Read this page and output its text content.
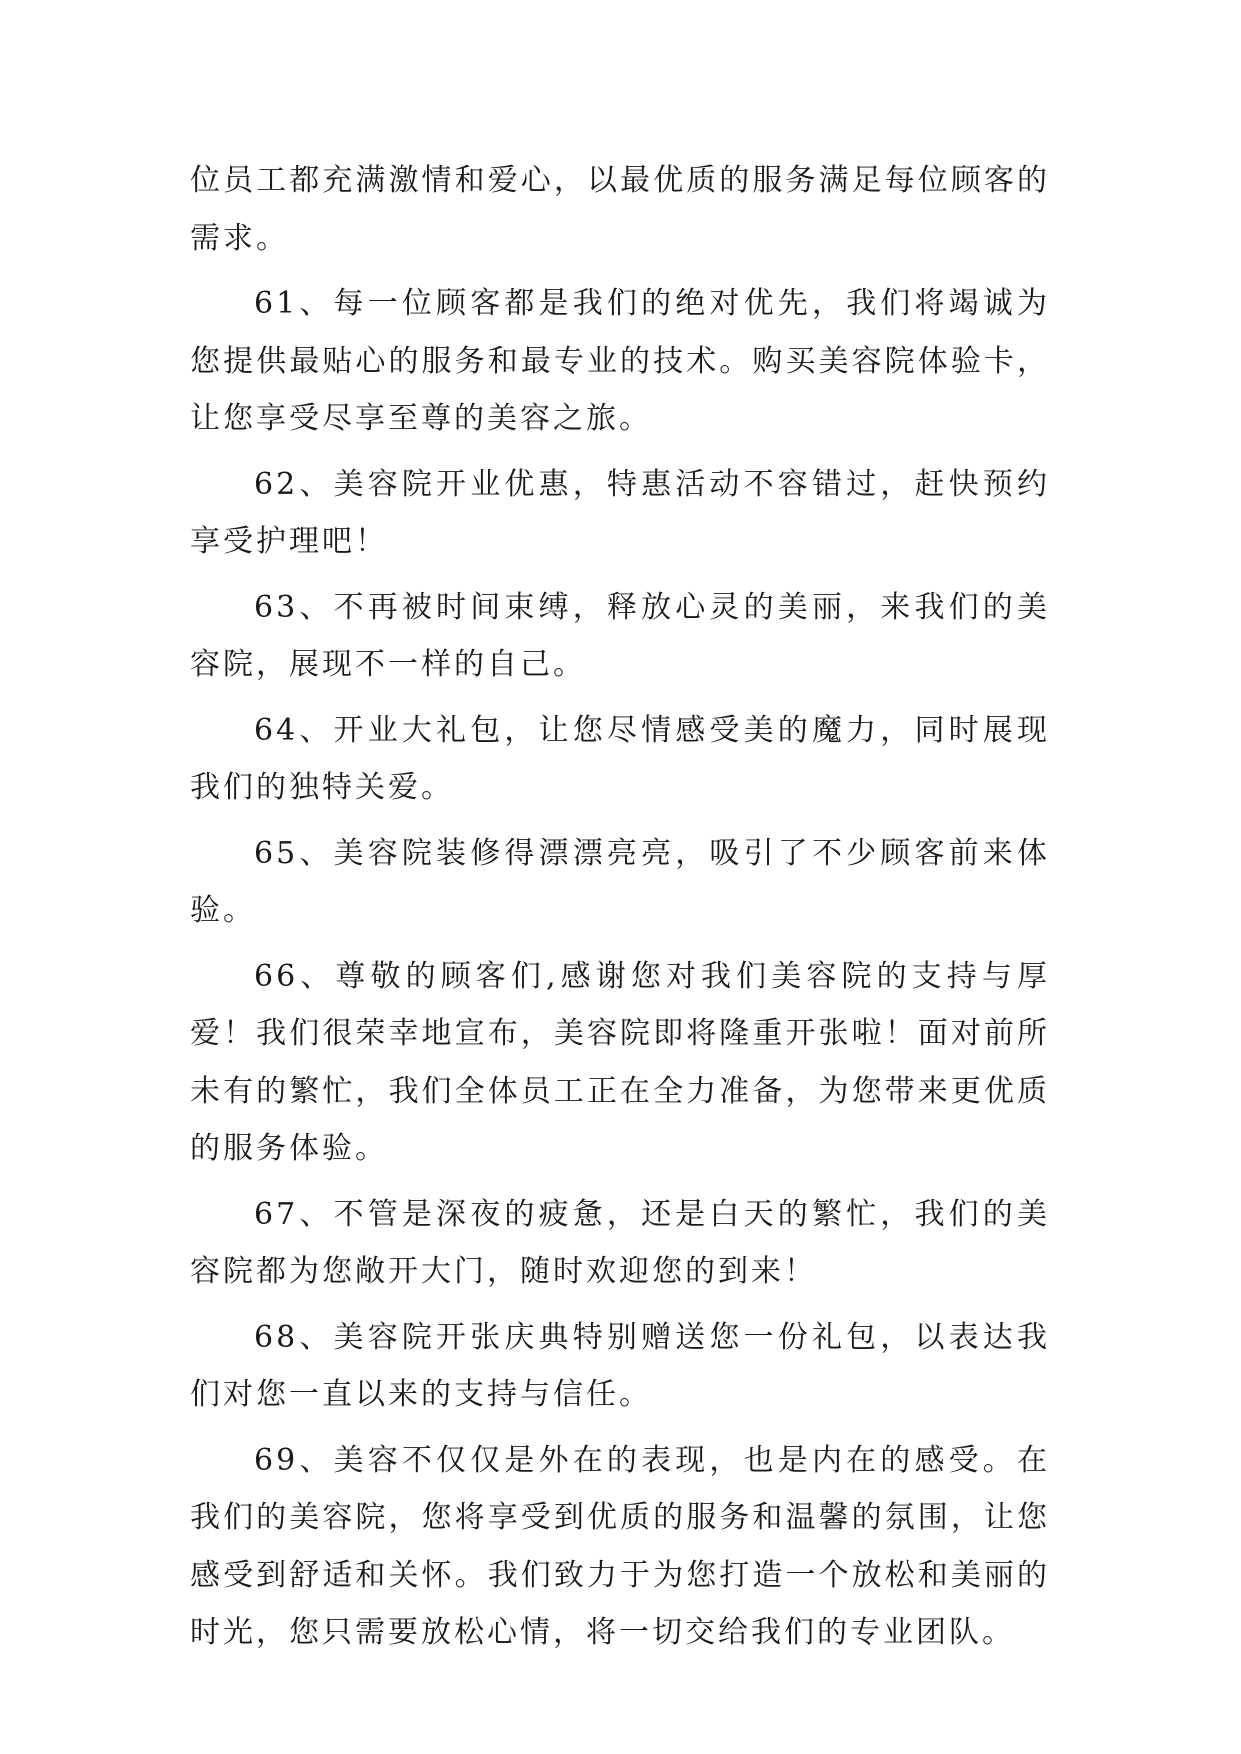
位员工都充满激情和爱心，以最优质的服务满足每位顾客的需求。

61、每一位顾客都是我们的绝对优先，我们将竭诚为您提供最贴心的服务和最专业的技术。购买美容院体验卡，让您享受尽享至尊的美容之旅。

62、美容院开业优惠，特惠活动不容错过，赶快预约享受护理吧！

63、不再被时间束缚，释放心灵的美丽，来我们的美容院，展现不一样的自己。

64、开业大礼包，让您尽情感受美的魔力，同时展现我们的独特关爱。

65、美容院装修得漂漂亮亮，吸引了不少顾客前来体验。

66、尊敬的顾客们,感谢您对我们美容院的支持与厚爱！我们很荣幸地宣布，美容院即将隆重开张啦！面对前所未有的繁忙，我们全体员工正在全力准备，为您带来更优质的服务体验。

67、不管是深夜的疲惫，还是白天的繁忙，我们的美容院都为您敞开大门，随时欢迎您的到来！

68、美容院开张庆典特别赠送您一份礼包，以表达我们对您一直以来的支持与信任。

69、美容不仅仅是外在的表现，也是内在的感受。在我们的美容院，您将享受到优质的服务和温馨的氛围，让您感受到舒适和关怀。我们致力于为您打造一个放松和美丽的时光，您只需要放松心情，将一切交给我们的专业团队。
